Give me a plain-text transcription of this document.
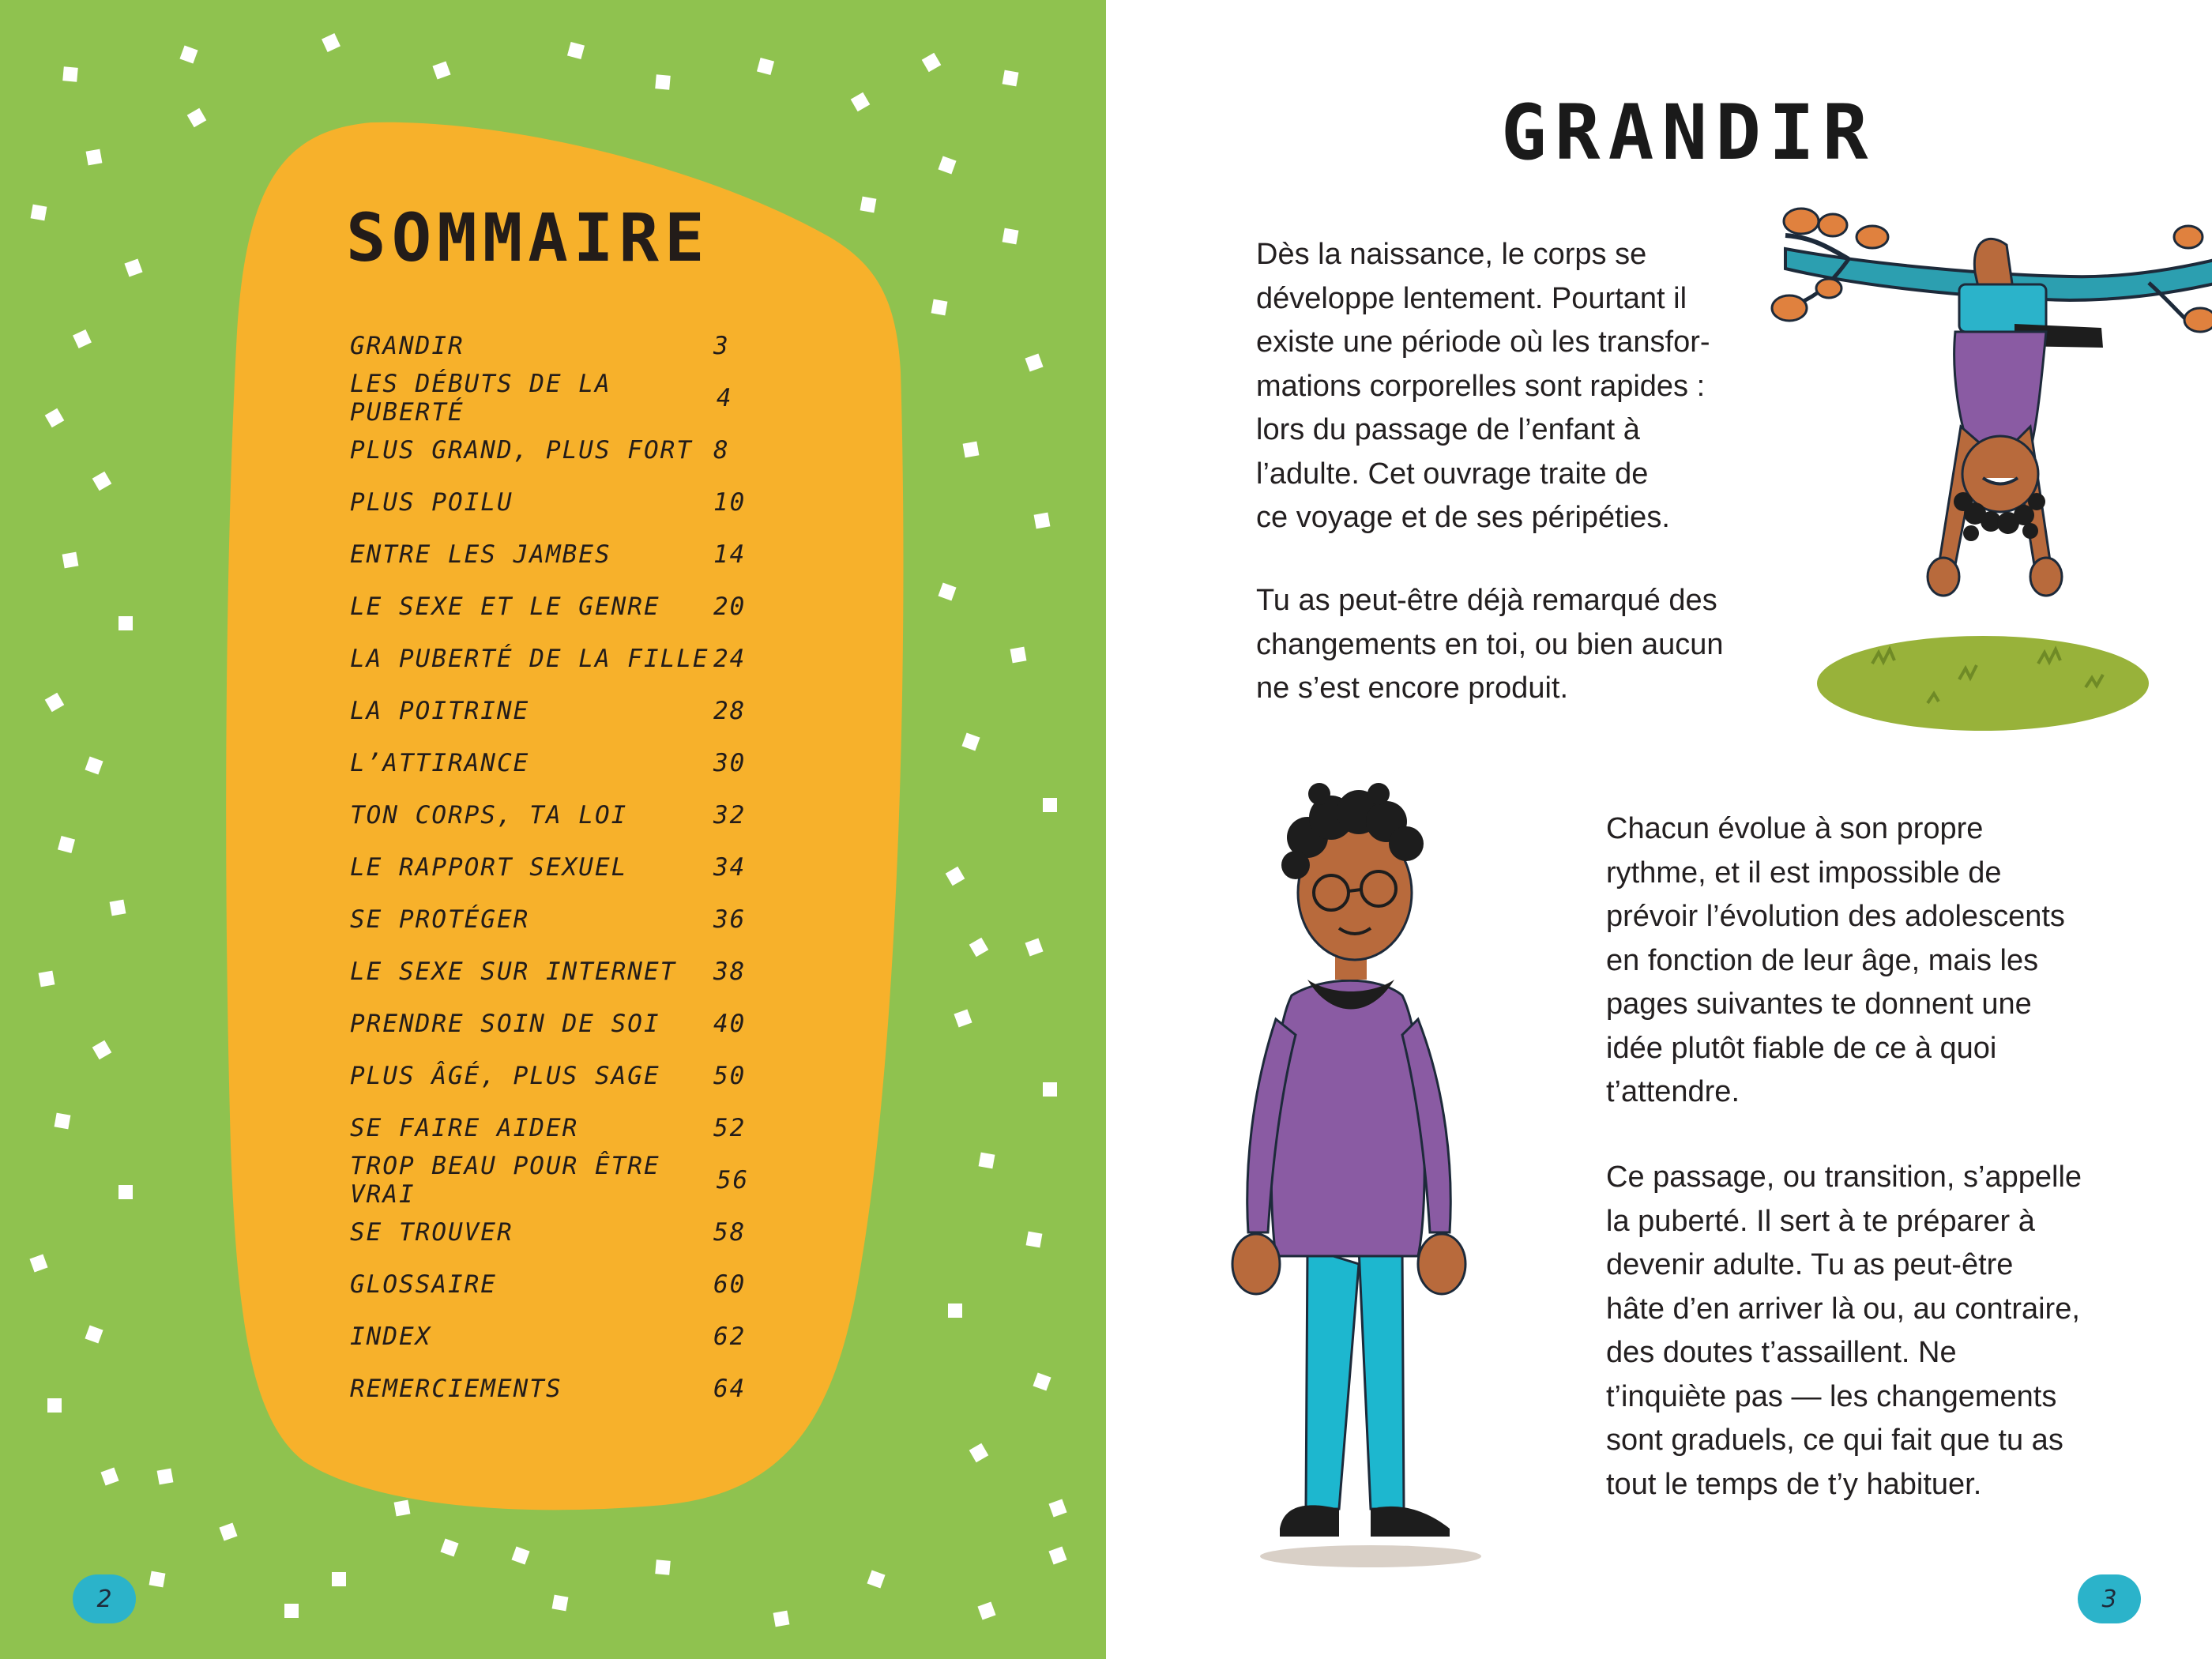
SOMMAIRE
GRANDIR	3
LES DÉBUTS DE LA PUBERTÉ	4
PLUS GRAND, PLUS FORT 8
PLUS POILU	10
ENTRE LES JAMBES	14
LE SEXE ET LE GENRE 20
LA PUBERTÉ DE LA FILLE 24
LA POITRINE	28
L’ATTIRANCE	30
TON CORPS, TA LOI	32
LE RAPPORT SEXUEL	34
SE PROTÉGER	36
LE SEXE SUR INTERNET 38
PRENDRE SOIN DE SOI 40
PLUS ÂGÉ, PLUS SAGE 50
SE FAIRE AIDER	52
TROP BEAU POUR ÊTRE VRAI	56
SE TROUVER	58
GLOSSAIRE	60
INDEX	62
REMERCIEMENTS	64
2
GRANDIR

Dès la naissance, le corps se
développe lentement. Pourtant il
existe une période où les transfor-
mations corporelles sont rapides :
lors du passage de l’enfant à
l’adulte. Cet ouvrage traite de
ce voyage et de ses péripéties.

Tu as peut-être déjà remarqué des
changements en toi, ou bien aucun
ne s’est encore produit.

Chacun évolue à son propre
rythme, et il est impossible de
prévoir l’évolution des adolescents
en fonction de leur âge, mais les
pages suivantes te donnent une
idée plutôt fiable de ce à quoi
t’attendre.

Ce passage, ou transition, s’appelle
la puberté. Il sert à te préparer à
devenir adulte. Tu as peut-être
hâte d’en arriver là ou, au contraire,
des doutes t’assaillent. Ne
t’inquiète pas — les changements
sont graduels, ce qui fait que tu as
tout le temps de t’y habituer.

3
